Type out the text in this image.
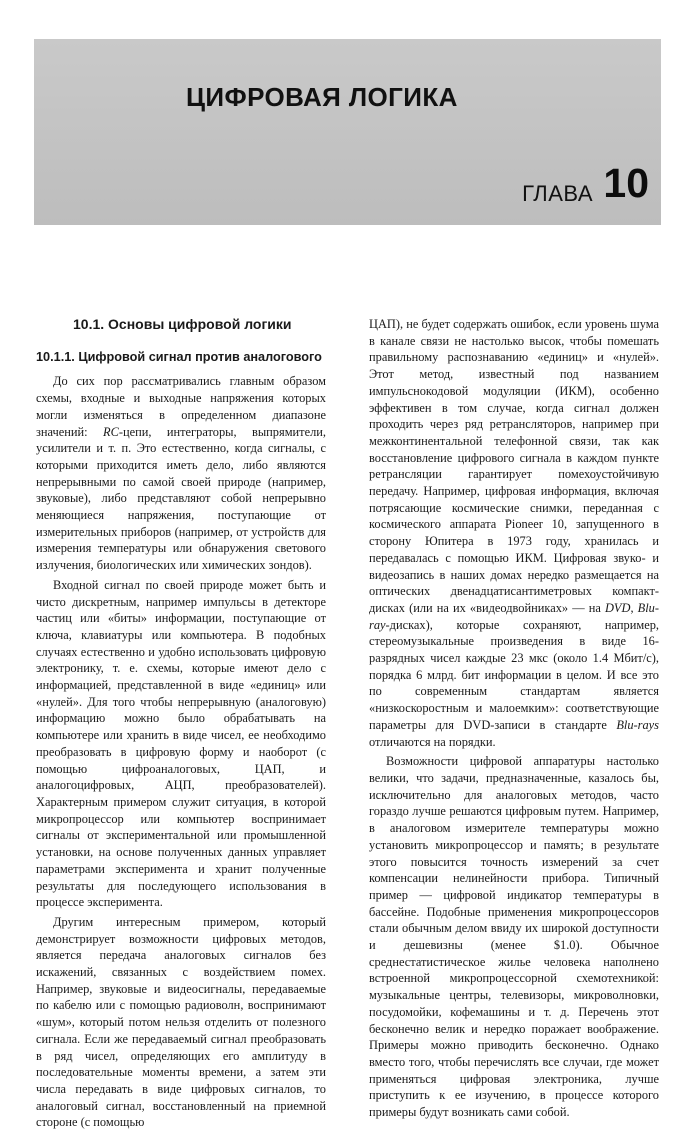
ЦИФРОВАЯ ЛОГИКА
ГЛАВА 10
10.1. Основы цифровой логики
10.1.1. Цифровой сигнал против аналогового

До сих пор рассматривались главным образом схемы, входные и выходные напряжения которых могли изменяться в определенном диапазоне значений: RC-цепи, интеграторы, выпрямители, усилители и т. п. Это естественно, когда сигналы, с которыми приходится иметь дело, либо являются непрерывными по самой своей природе (например, звуковые), либо представляют собой непрерывно меняющиеся напряжения, поступающие от измерительных приборов (например, от устройств для измерения температуры или обнаружения светового излучения, биологических или химических зондов).

Входной сигнал по своей природе может быть и чисто дискретным, например импульсы в детекторе частиц или «биты» информации, поступающие от ключа, клавиатуры или компьютера. В подобных случаях естественно и удобно использовать цифровую электронику, т. е. схемы, которые имеют дело с информацией, представленной в виде «единиц» или «нулей». Для того чтобы непрерывную (аналоговую) информацию можно было обрабатывать на компьютере или хранить в виде чисел, ее необходимо преобразовать в цифровую форму и наоборот (с помощью цифроаналоговых, ЦАП, и аналогоцифровых, АЦП, преобразователей). Характерным примером служит ситуация, в которой микропроцессор или компьютер воспринимает сигналы от экспериментальной или промышленной установки, на основе полученных данных управляет параметрами эксперимента и хранит полученные результаты для последующего использования в процессе эксперимента.

Другим интересным примером, который демонстрирует возможности цифровых методов, является передача аналоговых сигналов без искажений, связанных с воздействием помех. Например, звуковые и видеосигналы, передаваемые по кабелю или с помощью радиоволн, воспринимают «шум», который потом нельзя отделить от полезного сигнала. Если же передаваемый сигнал преобразовать в ряд чисел, определяющих его амплитуду в последовательные моменты времени, а затем эти числа передавать в виде цифровых сигналов, то аналоговый сигнал, восстановленный на приемной стороне (с помощью

ЦАП), не будет содержать ошибок, если уровень шума в канале связи не настолько высок, чтобы помешать правильному распознаванию «единиц» и «нулей». Этот метод, известный под названием импульснокодовой модуляции (ИКМ), особенно эффективен в том случае, когда сигнал должен проходить через ряд ретрансляторов, например при межконтинентальной телефонной связи, так как восстановление цифрового сигнала в каждом пункте ретрансляции гарантирует помехоустойчивую передачу. Например, цифровая информация, включая потрясающие космические снимки, переданная с космического аппарата Pioneer 10, запущенного в сторону Юпитера в 1973 году, хранилась и передавалась с помощью ИКМ. Цифровая звуко- и видеозапись в наших домах нередко размещается на оптических двенадцатисантиметровых компакт-дисках (или на их «видеодвойниках» — на DVD, Blu-ray-дисках), которые сохраняют, например, стереомузыкальные произведения в виде 16-разрядных чисел каждые 23 мкс (около 1.4 Мбит/с), порядка 6 млрд. бит информации в целом. И все это по современным стандартам является «низкоскоростным и малоемким»: соответствующие параметры для DVD-записи в стандарте Blu-rays отличаются на порядки.

Возможности цифровой аппаратуры настолько велики, что задачи, предназначенные, казалось бы, исключительно для аналоговых методов, часто гораздо лучше решаются цифровым путем. Например, в аналоговом измерителе температуры можно установить микропроцессор и память; в результате этого повысится точность измерений за счет компенсации нелинейности прибора. Типичный пример — цифровой индикатор температуры в бассейне. Подобные применения микропроцессоров стали обычным делом ввиду их широкой доступности и дешевизны (менее $1.0). Обычное среднестатистическое жилье человека наполнено встроенной микропроцессорной схемотехникой: музыкальные центры, телевизоры, микроволновки, посудомойки, кофемашины и т. д. Перечень этот бесконечно велик и нередко поражает воображение. Примеры можно приводить бесконечно. Однако вместо того, чтобы перечислять все случаи, где может применяться цифровая электроника, лучше приступить к ее изучению, в процессе которого примеры будут возникать сами собой.
